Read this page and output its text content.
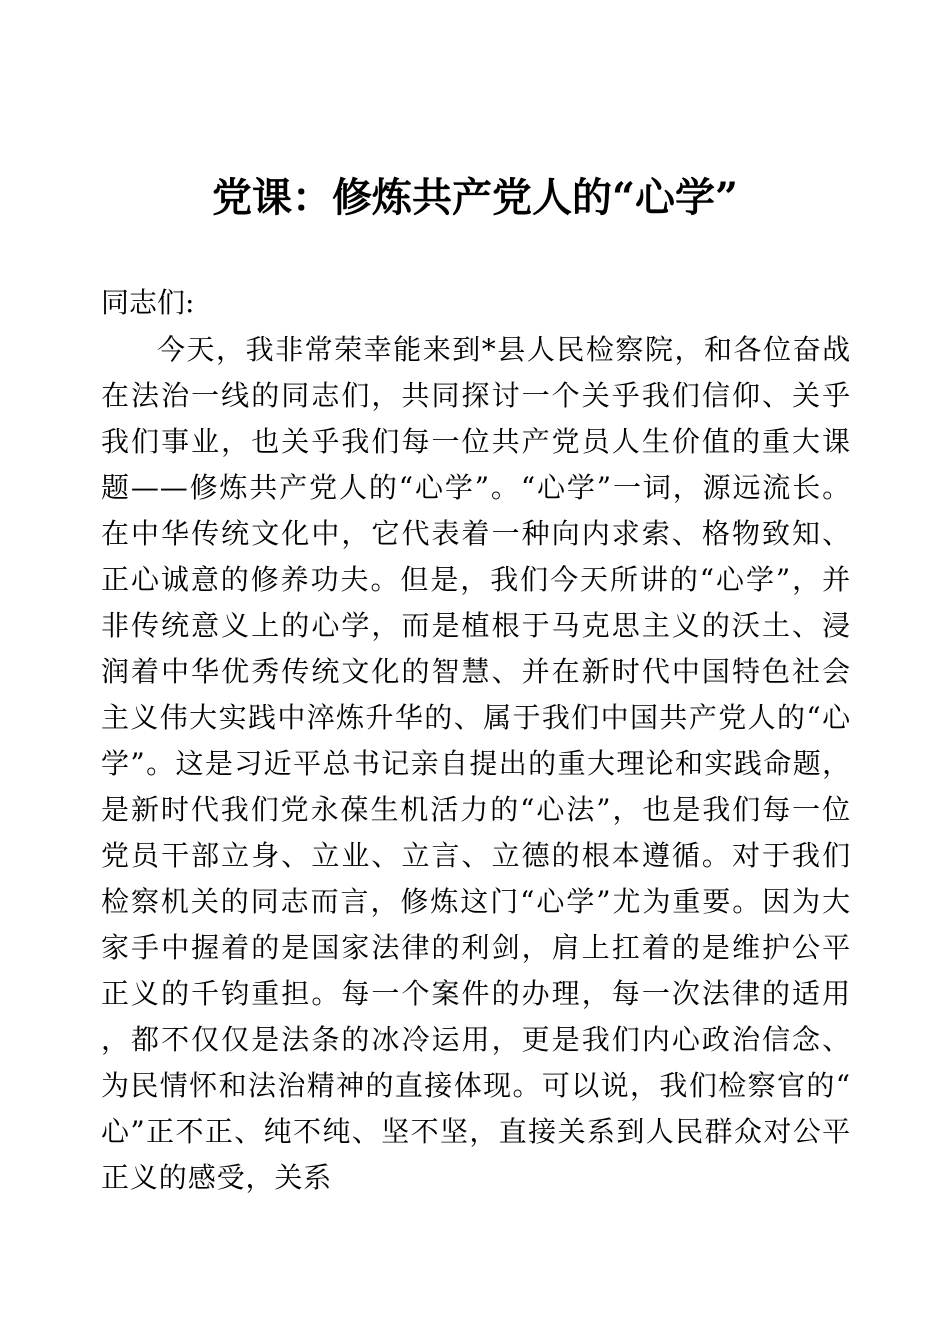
党课：修炼共产党人的“心学”

同志们:

今天，我非常荣幸能来到*县人民检察院，和各位奋战在法治一线的同志们，共同探讨一个关乎我们信仰、关乎我们事业，也关乎我们每一位共产党员人生价值的重大课题——修炼共产党人的“心学”。“心学”一词，源远流长。在中华传统文化中，它代表着一种向内求索、格物致知、正心诚意的修养功夫。但是，我们今天所讲的“心学”，并非传统意义上的心学，而是植根于马克思主义的沃土、浸润着中华优秀传统文化的智慧、并在新时代中国特色社会主义伟大实践中淬炼升华的、属于我们中国共产党人的“心学”。这是习近平总书记亲自提出的重大理论和实践命题，是新时代我们党永葆生机活力的“心法”，也是我们每一位党员干部立身、立业、立言、立德的根本遵循。对于我们检察机关的同志而言，修炼这门“心学”尤为重要。因为大家手中握着的是国家法律的利剑，肩上扛着的是维护公平正义的千钧重担。每一个案件的办理，每一次法律的适用，都不仅仅是法条的冰冷运用，更是我们内心政治信念、为民情怀和法治精神的直接体现。可以说，我们检察官的“心”正不正、纯不纯、坚不坚，直接关系到人民群众对公平正义的感受，关系
